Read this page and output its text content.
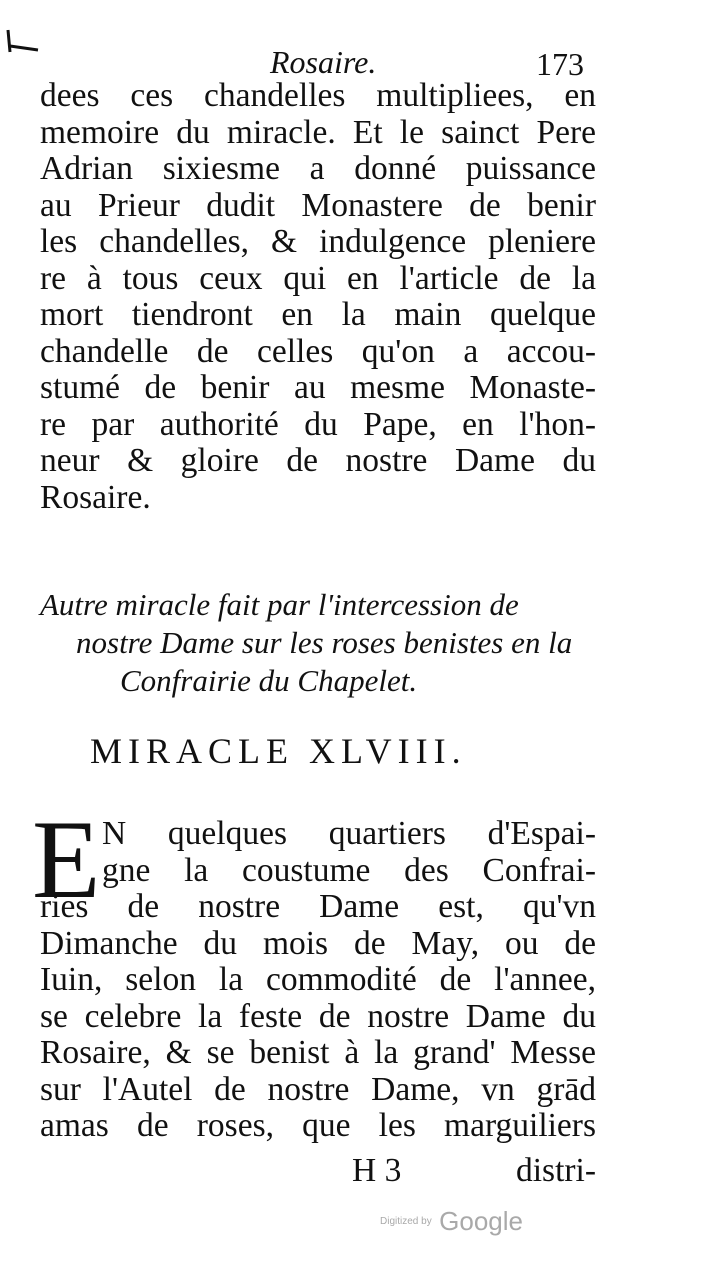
Rosaire.	173
dees ces chandelles multipliees, en
memoire du miracle. Et le sainct Pere
Adrian sixiesme a donné puissance
au Prieur dudit Monastere de benir
les chandelles, & indulgence pleniere
re à tous ceux qui en l'article de la
mort tiendront en la main quelque
chandelle de celles qu'on a accou-
stumé de benir au mesme Monaste-
re par authorité du Pape, en l'hon-
neur & gloire de nostre Dame du
Rosaire.
Autre miracle fait par l'intercession de
nostre Dame sur les roses benistes en la
Confrairie du Chapelet.
MIRACLE XLVIII.
E N quelques quartiers d'Espai-
gne la coustume des Confrai-
ries de nostre Dame est, qu'vn
Dimanche du mois de May, ou de
Iuin, selon la commodité de l'annee,
se celebre la feste de nostre Dame du
Rosaire, & se benist à la grand' Messe
sur l'Autel de nostre Dame, vn grād
amas de roses, que les marguiliers
H 3	distri-
Digitized by Google
